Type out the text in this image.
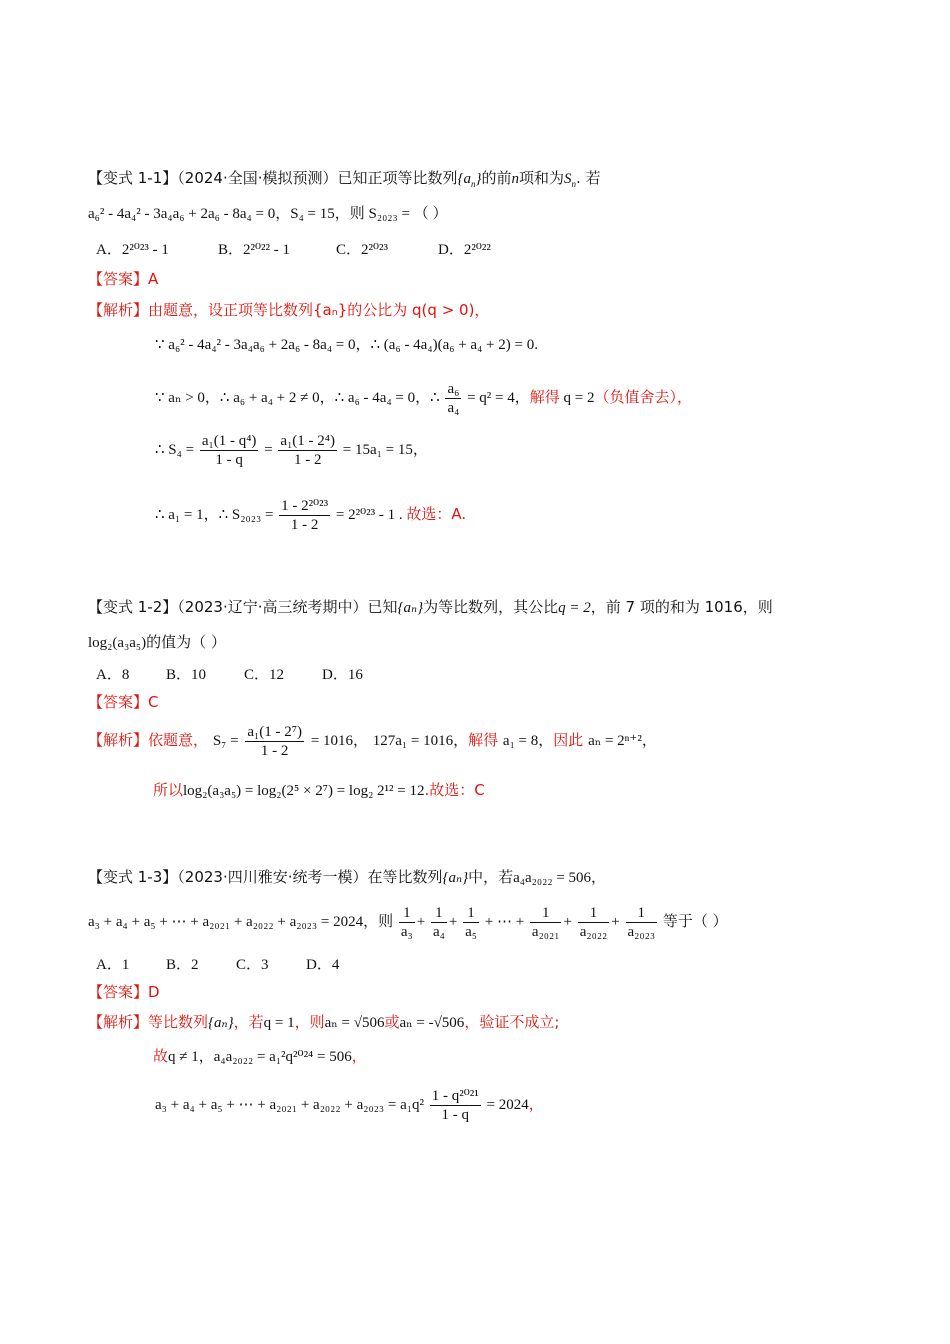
【变式 1-1】（2024·全国·模拟预测）已知正项等比数列$\{a_n\}$的前n项和为$S_n$. 若
a₆² - 4a₄² - 3a₄a₆ + 2a₆ - 8a₄ = 0，S₄ = 15，则 S₂₀₂₃ = （ ）
A．2²⁰²³ - 1	B．2²⁰²² - 1	C．2²⁰²³	D．2²⁰²²
【答案】A
【解析】由题意，设正项等比数列{aₙ}的公比为 q(q > 0)，
∵ a₆² - 4a₄² - 3a₄a₆ + 2a₆ - 8a₄ = 0，∴ (a₆ - 4a₄)(a₆ + a₄ + 2) = 0.
∵ aₙ > 0，∴ a₆ + a₄ + 2 ≠ 0，∴ a₆ - 4a₄ = 0，∴ $\frac{\text{a₆}}{\text{a₄}} = q^2 = 4$，解得 q = 2（负值舍去），
∴ $S_4 = \frac{\text{a₁(1 - q⁴)}}{1 - q} = \frac{\text{a₁(1 - 2⁴)}}{1 - 2} = 15a_1 = 15$，
∴ a₁ = 1，∴ $S_{2023} = \frac{\text{1 - 2²⁰²³}}{1 - 2} = 2^{2023} - 1$ . 故选：A.
【变式 1-2】（2023·辽宁·高三统考期中）已知{aₙ}为等比数列，其公比q = 2，前 7 项的和为 1016，则
log₂(a₃a₅)的值为（ ）
A．8 B．10	C．12	D．16
【答案】C
【解析】依题意， $S_7 = \frac{\text{a₁(1 - 2⁷)}}{1 - 2} = 1016$， 127a₁ = 1016，解得 a₁ = 8，因此 aₙ = 2ⁿ⁺²，
所以log₂(a₃a₅) = log₂(2⁵ × 2⁷) = log₂ 2¹² = 12.故选：C
【变式 1-3】（2023·四川雅安·统考一模）在等比数列{aₙ}中，若a₄a₂₀₂₂ = 506，
a₃ + a₄ + a₅ + ⋯ + a₂₀₂₁ + a₂₀₂₂ + a₂₀₂₃ = 2024，则 $\frac{1}{\text{a₃}} + \frac{1}{\text{a₄}} + \frac{1}{\text{a₅}}$ + ⋯ + $\frac{1}{\text{a₂₀₂₁}} + \frac{1}{\text{a₂₀₂₂}} + \frac{1}{\text{a₂₀₂₃}}$ 等于（ ）
A．1 B．2 C．3 D．4
【答案】D
【解析】等比数列{aₙ}，若q = 1，则aₙ = √506或aₙ = -√506，验证不成立;
故q ≠ 1，a₄a₂₀₂₂ = a₁²q²⁰²⁴ = 506，
a₃ + a₄ + a₅ + ⋯ + $a_{2021} + a_{2022} + a_{2023} = a_1q^2 \frac{\text{1 - q²⁰²¹}}{1 - q} = 2024$，
